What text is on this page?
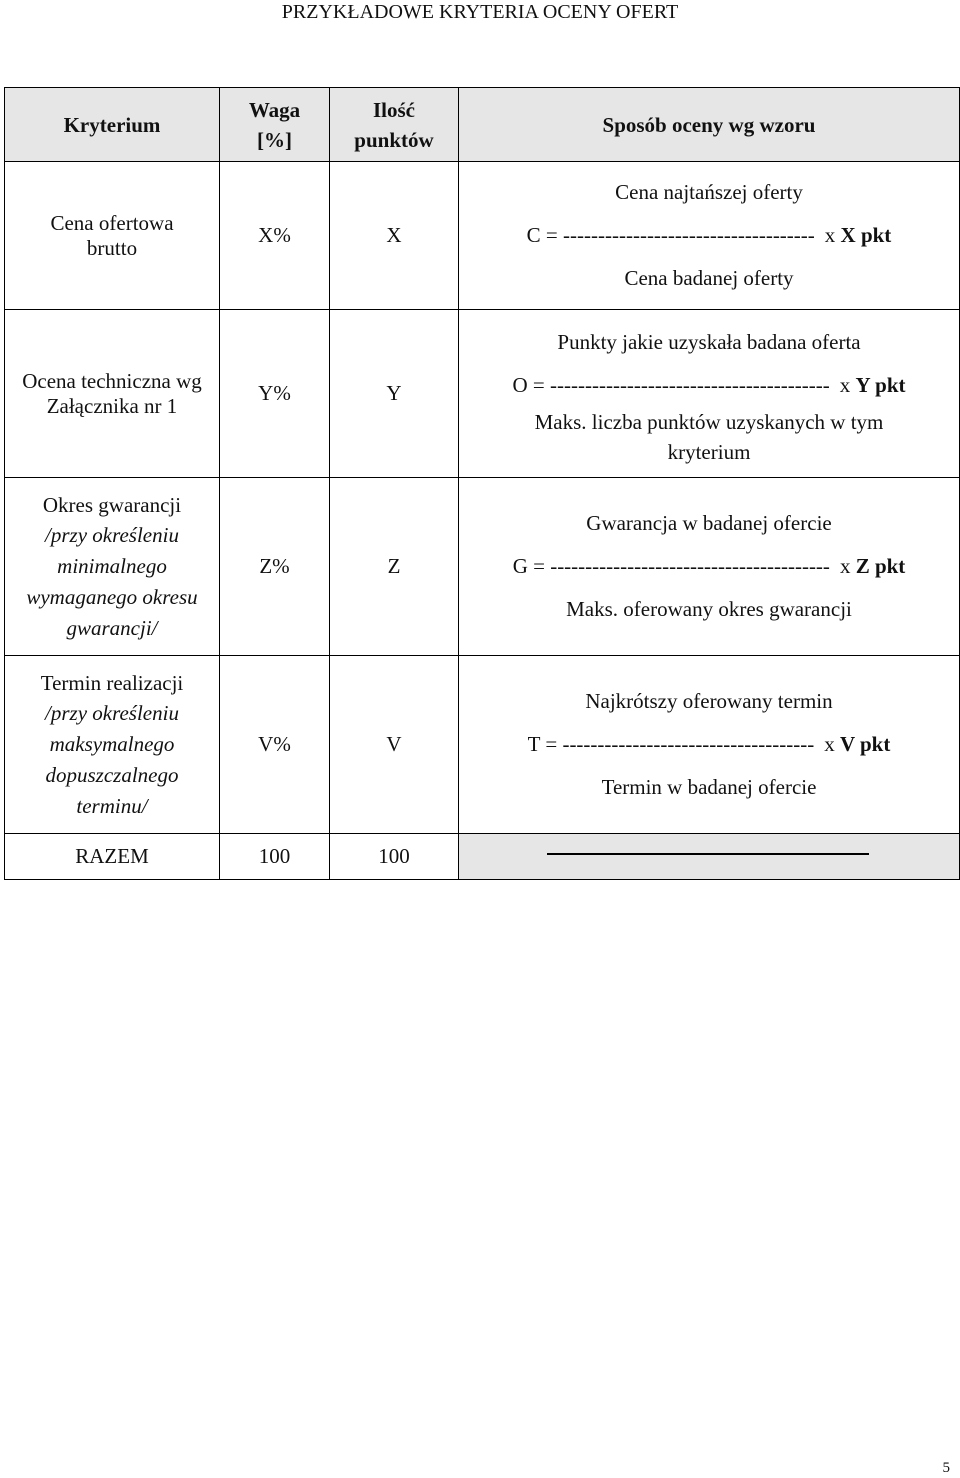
PRZYKŁADOWE KRYTERIA OCENY OFERT
Kryterium	Waga [%]	Ilość punktów	Sposób oceny wg wzoru

Cena ofertowa brutto	X%	X	Cena najtańszej oferty
C = ------------------------------------ x X pkt
Cena badanej oferty

Ocena techniczna wg Załącznika nr 1	Y%	Y	Punkty jakie uzyskała badana oferta
O = ---------------------------------------- x Y pkt
Maks. liczba punktów uzyskanych w tym kryterium

Okres gwarancji
/przy określeniu minimalnego wymaganego okresu gwarancji/	Z%	Z	Gwarancja w badanej ofercie
G = ---------------------------------------- x Z pkt
Maks. oferowany okres gwarancji

Termin realizacji
/przy określeniu maksymalnego dopuszczalnego terminu/	V%	V	Najkrótszy oferowany termin
T = ------------------------------------ x V pkt
Termin w badanej ofercie

RAZEM	100	100	
5
